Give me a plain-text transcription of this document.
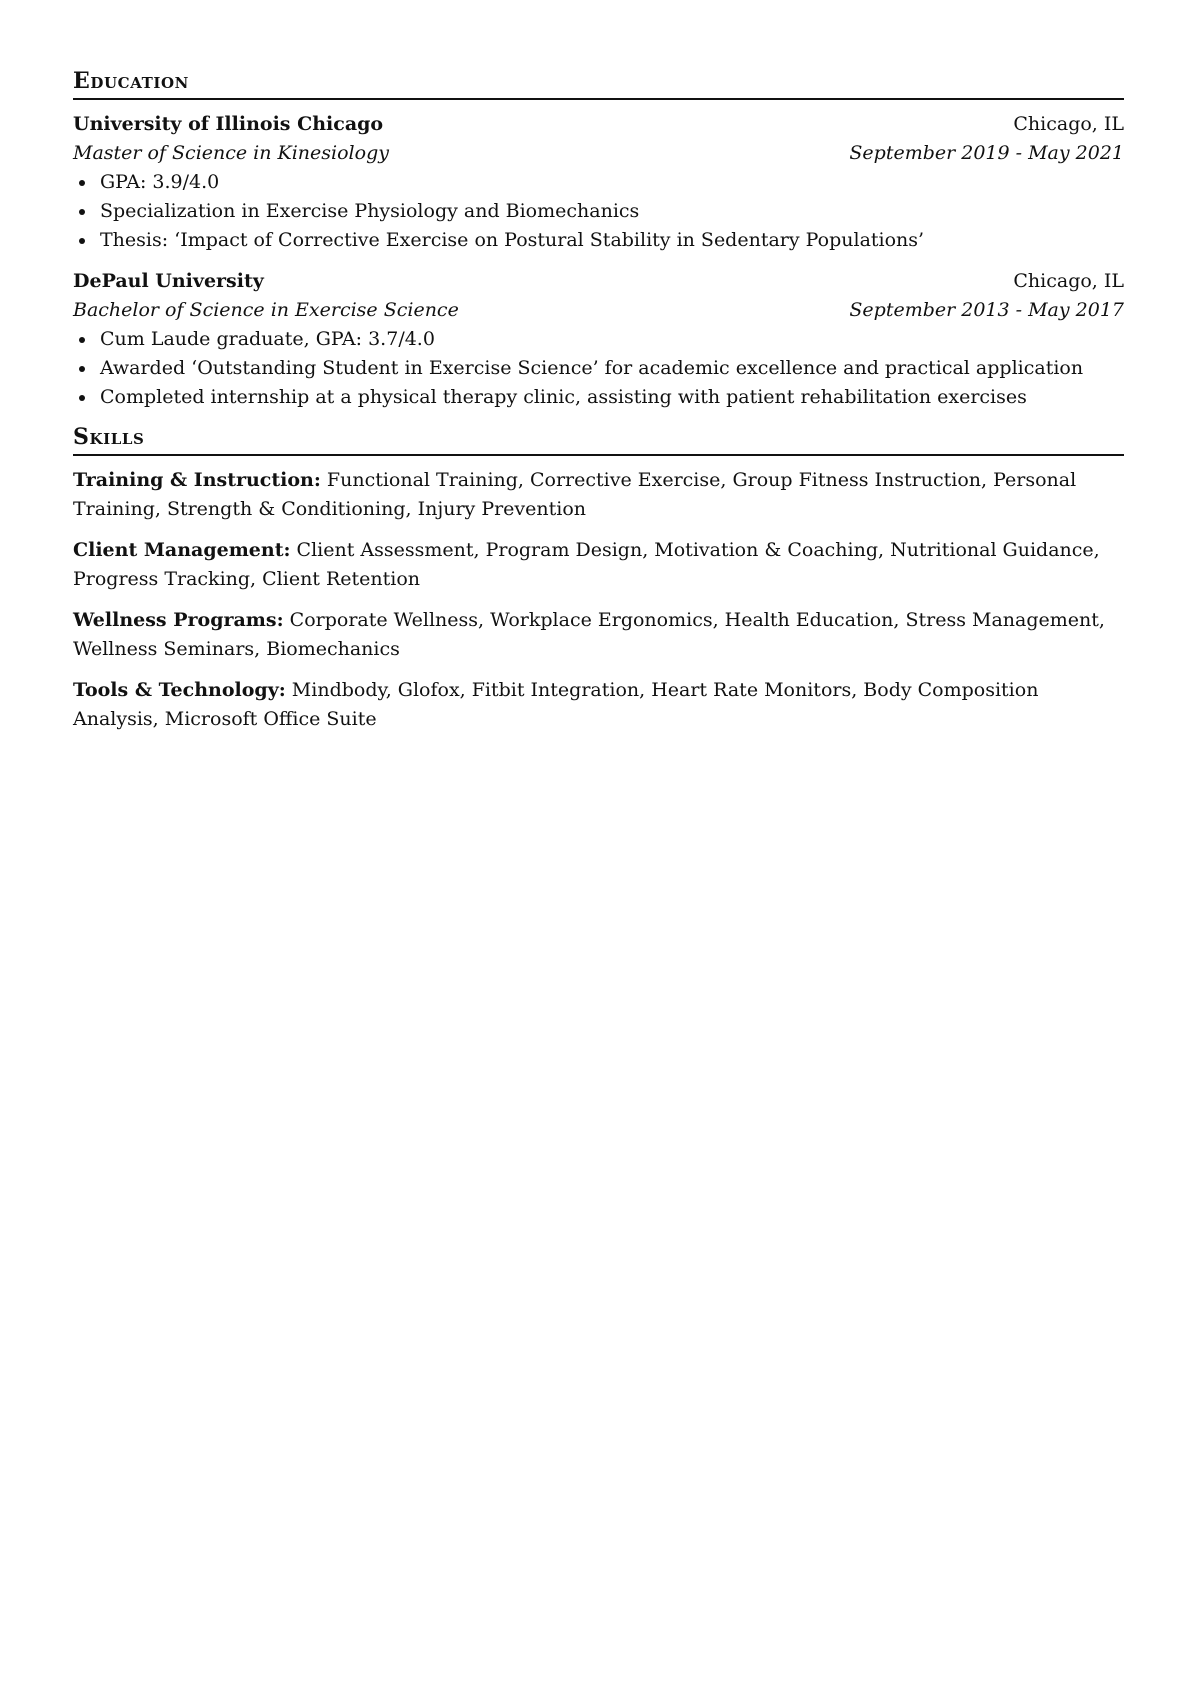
Education
University of Illinois Chicago	Chicago, IL
Master of Science in Kinesiology	September 2019 - May 2021
GPA: 3.9/4.0
Specialization in Exercise Physiology and Biomechanics
Thesis: ‘Impact of Corrective Exercise on Postural Stability in Sedentary Populations’
DePaul University	Chicago, IL
Bachelor of Science in Exercise Science	September 2013 - May 2017
Cum Laude graduate, GPA: 3.7/4.0
Awarded ‘Outstanding Student in Exercise Science’ for academic excellence and practical application
Completed internship at a physical therapy clinic, assisting with patient rehabilitation exercises
Skills
Training & Instruction: Functional Training, Corrective Exercise, Group Fitness Instruction, Personal Training, Strength & Conditioning, Injury Prevention
Client Management: Client Assessment, Program Design, Motivation & Coaching, Nutritional Guidance, Progress Tracking, Client Retention
Wellness Programs: Corporate Wellness, Workplace Ergonomics, Health Education, Stress Management, Wellness Seminars, Biomechanics
Tools & Technology: Mindbody, Glofox, Fitbit Integration, Heart Rate Monitors, Body Composition Analysis, Microsoft Office Suite
